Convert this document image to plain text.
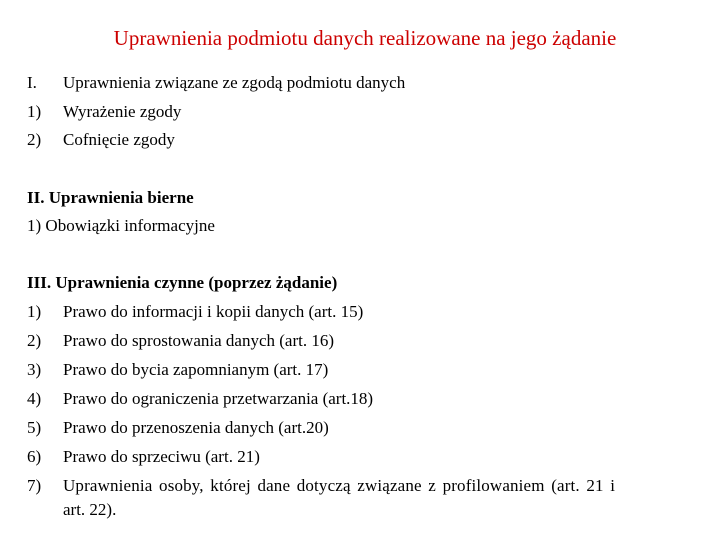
Uprawnienia podmiotu danych realizowane na jego żądanie
I. Uprawnienia związane ze zgodą podmiotu danych
1) Wyrażenie zgody
2) Cofnięcie zgody
II. Uprawnienia bierne
1) Obowiązki informacyjne
III. Uprawnienia czynne (poprzez żądanie)
1) Prawo do informacji i kopii danych (art. 15)
2) Prawo do sprostowania danych (art. 16)
3) Prawo do bycia zapomnianym (art. 17)
4) Prawo do ograniczenia przetwarzania (art.18)
5) Prawo do przenoszenia danych (art.20)
6) Prawo do sprzeciwu (art. 21)
7) Uprawnienia osoby, której dane dotyczą związane z profilowaniem (art. 21 i
art. 22).
